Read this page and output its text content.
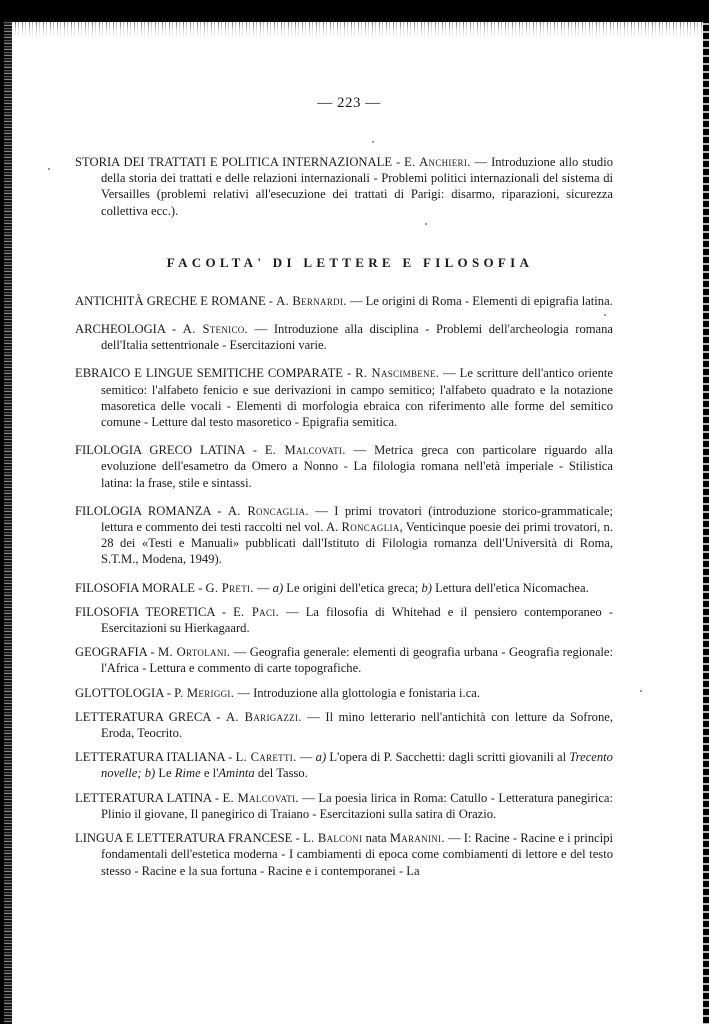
— 223 —

STORIA DEI TRATTATI E POLITICA INTERNAZIONALE - E. Anchieri. — Introduzione allo studio della storia dei trattati e delle relazioni internazionali - Problemi politici internazionali del sistema di Versailles (problemi relativi all'esecuzione dei trattati di Parigi: disarmo, riparazioni, sicurezza collettiva ecc.).

FACOLTA' DI LETTERE E FILOSOFIA

ANTICHITÀ GRECHE E ROMANE - A. Bernardi. — Le origini di Roma - Elementi di epigrafia latina.

ARCHEOLOGIA - A. Stenico. — Introduzione alla disciplina - Problemi dell'archeologia romana dell'Italia settentrionale - Esercitazioni varie.

EBRAICO E LINGUE SEMITICHE COMPARATE - R. Nascimbene. — Le scritture dell'antico oriente semitico: l'alfabeto fenicio e sue derivazioni in campo semitico; l'alfabeto quadrato e la notazione masoretica delle vocali - Elementi di morfologia ebraica con riferimento alle forme del semitico comune - Letture dal testo masoretico - Epigrafia semitica.

FILOLOGIA GRECO LATINA - E. Malcovati. — Metrica greca con particolare riguardo alla evoluzione dell'esametro da Omero a Nonno - La filologia romana nell'età imperiale - Stilistica latina: la frase, stile e sintassi.

FILOLOGIA ROMANZA - A. Roncaglia. — I primi trovatori (introduzione storico-grammaticale; lettura e commento dei testi raccolti nel vol. A. Roncaglia, Venticinque poesie dei primi trovatori, n. 28 dei «Testi e Manuali» pubblicati dall'Istituto di Filologia romanza dell'Università di Roma, S.T.M., Modena, 1949).

FILOSOFIA MORALE - G. Preti. — a) Le origini dell'etica greca; b) Lettura dell'etica Nicomachea.

FILOSOFIA TEORETICA - E. Paci. — La filosofia di Whitehad e il pensiero contemporaneo - Esercitazioni su Hierkagaard.

GEOGRAFIA - M. Ortolani. — Geografia generale: elementi di geografia urbana - Geografia regionale: l'Africa - Lettura e commento di carte topografiche.

GLOTTOLOGIA - P. Meriggi. — Introduzione alla glottologia e fonistaria i.ca.

LETTERATURA GRECA - A. Barigazzi. — Il mino letterario nell'antichità con letture da Sofrone, Eroda, Teocrito.

LETTERATURA ITALIANA - L. Caretti. — a) L'opera di P. Sacchetti: dagli scritti giovanili al Trecento novelle; b) Le Rime e l'Aminta del Tasso.

LETTERATURA LATINA - E. Malcovati. — La poesia lirica in Roma: Catullo - Letteratura panegirica: Plinio il giovane, Il panegirico di Traiano - Esercitazioni sulla satira di Orazio.

LINGUA E LETTERATURA FRANCESE - L. Balconi nata Maranini. — I: Racine - Racine e i princìpi fondamentali dell'estetica moderna - I cambiamenti di epoca come combiamenti di lettore e del testo stesso - Racine e la sua fortuna - Racine e i contemporanei - La
